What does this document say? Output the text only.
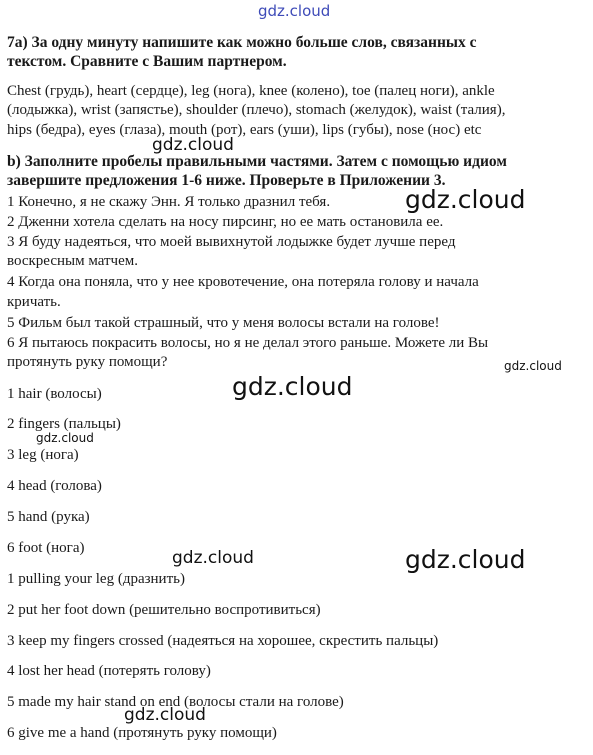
gdz.cloud
7а) За одну минуту напишите как можно больше слов, связанных с
текстом. Сравните с Вашим партнером.
Chest (грудь), heart (сердце), leg (нога), knee (колено), toe (палец ноги), ankle
(лодыжка), wrist (запястье), shoulder (плечо), stomach (желудок), waist (талия),
hips (бедра), eyes (глаза), mouth (рот), ears (уши), lips (губы), nose (нос) etc
gdz.cloud
b) Заполните пробелы правильными частями. Затем с помощью идиом
завершите предложения 1-6 ниже. Проверьте в Приложении 3.
gdz.cloud
1 Конечно, я не скажу Энн. Я только дразнил тебя.
2 Дженни хотела сделать на носу пирсинг, но ее мать остановила ее.
3 Я буду надеяться, что моей вывихнутой лодыжке будет лучше перед
воскресным матчем.
4 Когда она поняла, что у нее кровотечение, она потеряла голову и начала
кричать.
5 Фильм был такой страшный, что у меня волосы встали на голове!
6 Я пытаюсь покрасить волосы, но я не делал этого раньше. Можете ли Вы
протянуть руку помощи?	gdz.cloud
gdz.cloud
1 hair (волосы)
2 fingers (пальцы)
gdz.cloud
3 leg (нога)
4 head (голова)
5 hand (рука)
6 foot (нога)	gdz.cloud	gdz.cloud
1 pulling your leg (дразнить)
2 put her foot down (решительно воспротивиться)
3 keep my fingers crossed (надеяться на хорошее, скрестить пальцы)
4 lost her head (потерять голову)
5 made my hair stand on end (волосы стали на голове)
6 give me a hand (протянуть руку помощи)
gdz.cloud
